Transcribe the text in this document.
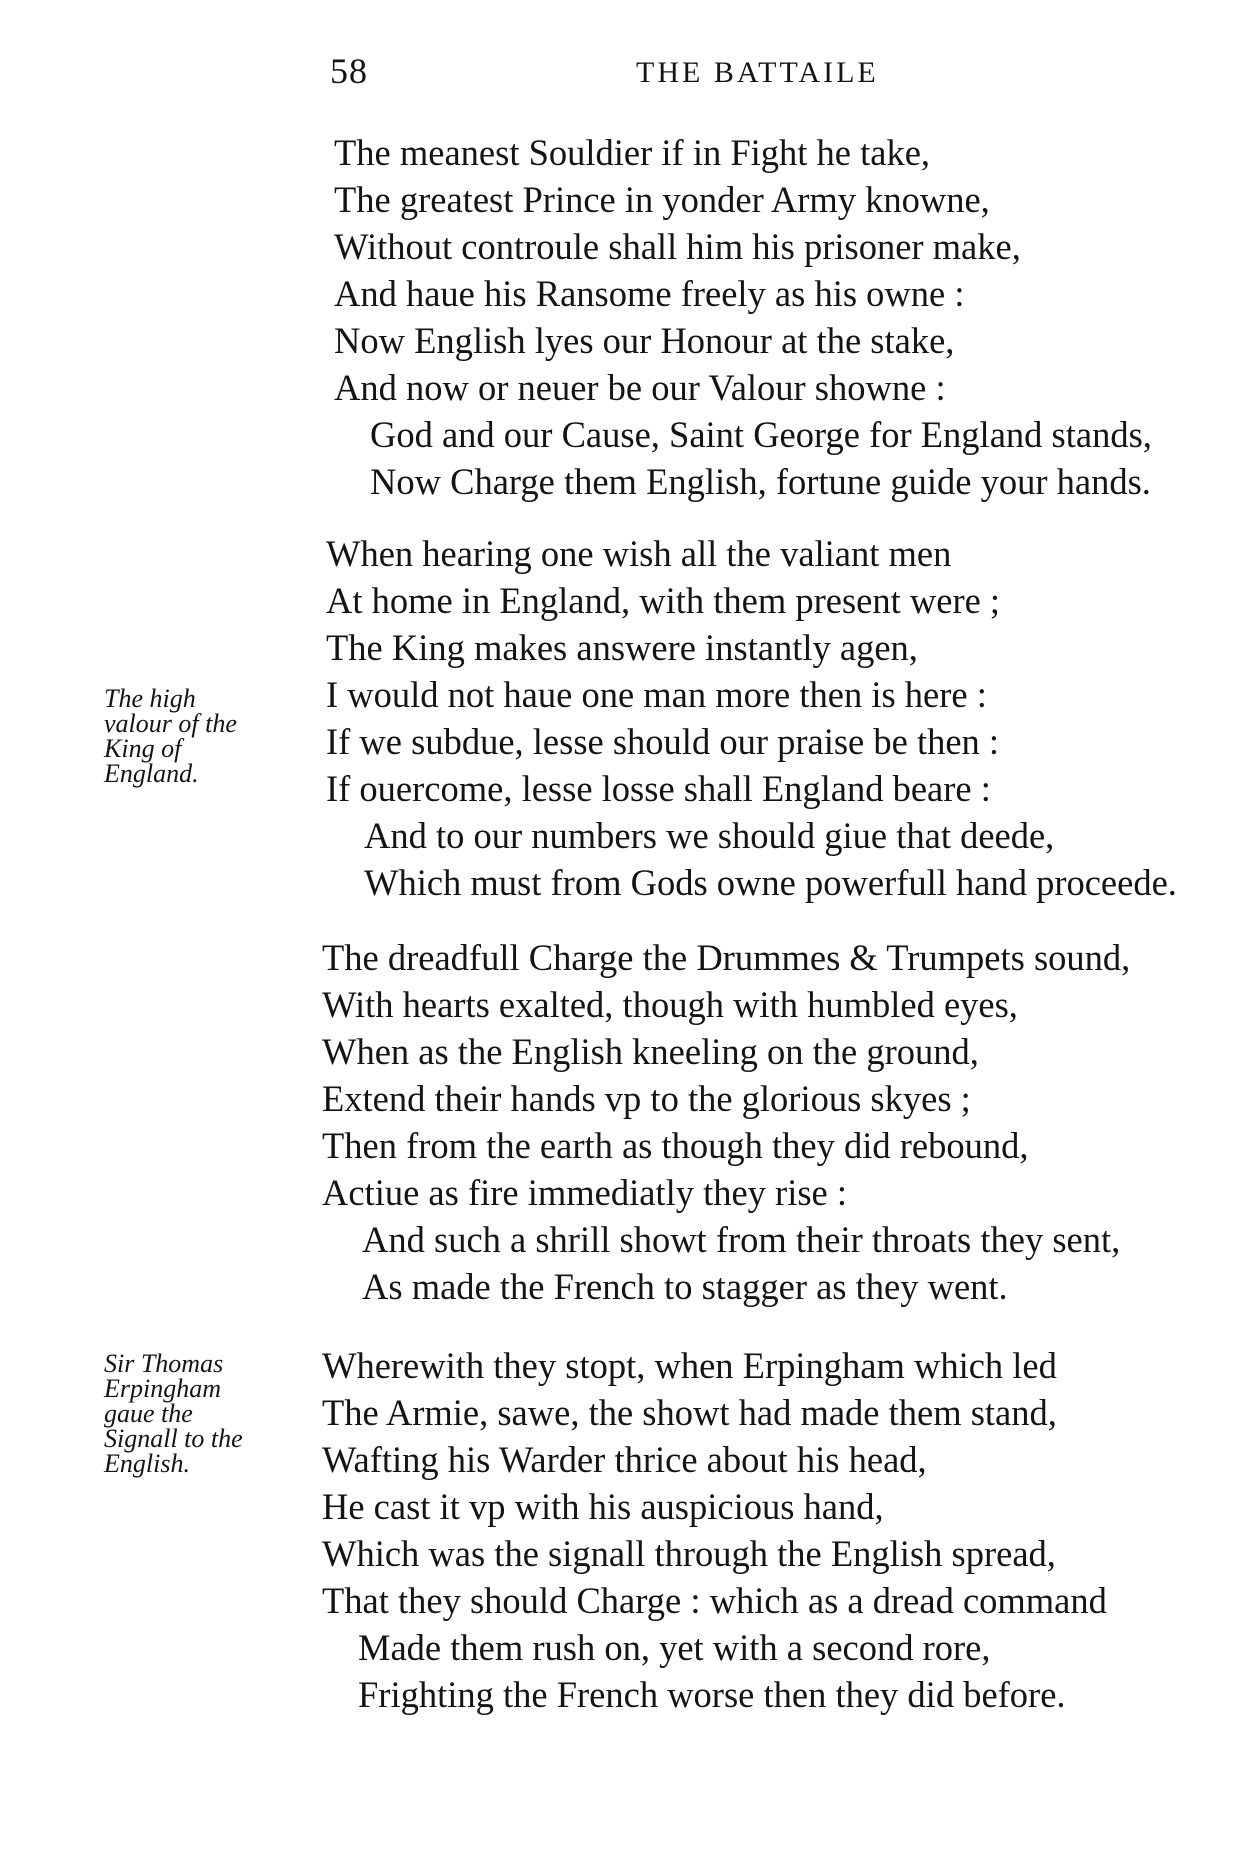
58	THE BATTAILE
The meanest Souldier if in Fight he take,
The greatest Prince in yonder Army knowne,
Without controule shall him his prisoner make,
And haue his Ransome freely as his owne :
Now English lyes our Honour at the stake,
And now or neuer be our Valour showne :
God and our Cause, Saint George for England stands,
Now Charge them English, fortune guide your hands.
When hearing one wish all the valiant men
At home in England, with them present were ;
The King makes answere instantly agen,
I would not haue one man more then is here :
If we subdue, lesse should our praise be then :
If ouercome, lesse losse shall England beare :
And to our numbers we should giue that deede,
Which must from Gods owne powerfull hand proceede.
The dreadfull Charge the Drummes & Trumpets sound,
With hearts exalted, though with humbled eyes,
When as the English kneeling on the ground,
Extend their hands vp to the glorious skyes ;
Then from the earth as though they did rebound,
Actiue as fire immediatly they rise :
And such a shrill showt from their throats they sent,
As made the French to stagger as they went.
Wherewith they stopt, when Erpingham which led
The Armie, sawe, the showt had made them stand,
Wafting his Warder thrice about his head,
He cast it vp with his auspicious hand,
Which was the signall through the English spread,
That they should Charge : which as a dread command
Made them rush on, yet with a second rore,
Frighting the French worse then they did before.
The high
valour of the
King of
England.
Sir Thomas
Erpingham
gaue the
Signall to the
English.
